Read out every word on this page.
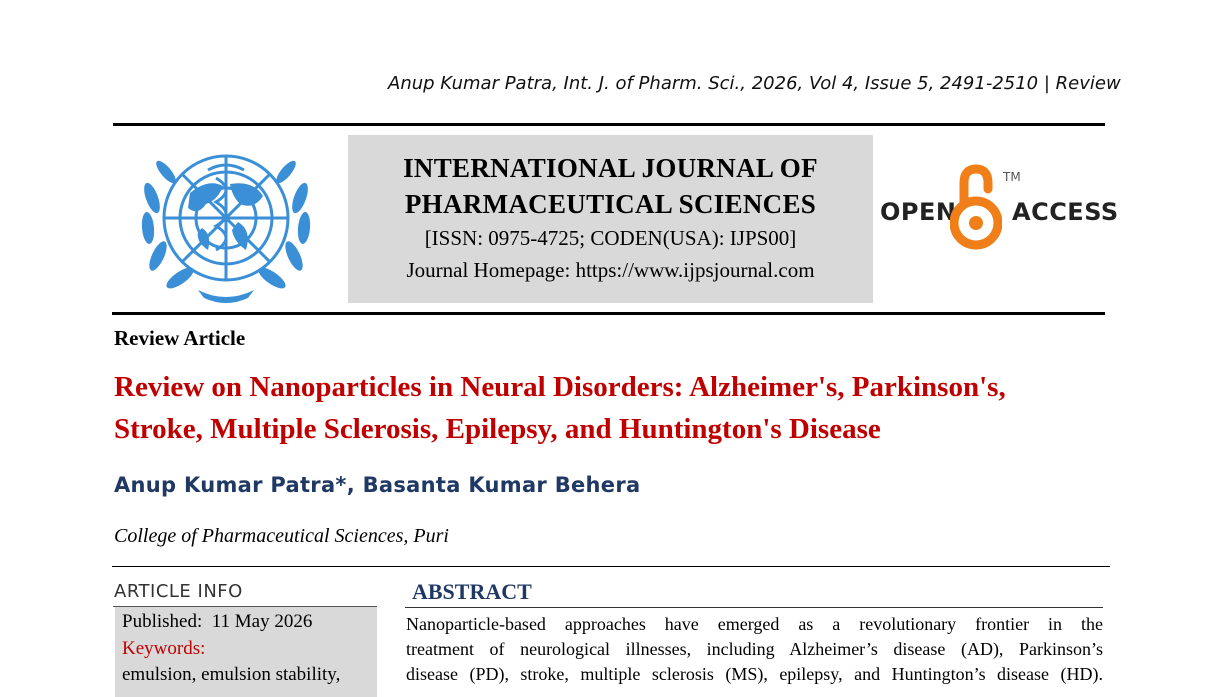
Anup Kumar Patra, Int. J. of Pharm. Sci., 2026, Vol 4, Issue 5, 2491-2510 | Review
INTERNATIONAL JOURNAL OF
PHARMACEUTICAL SCIENCES
[ISSN: 0975-4725; CODEN(USA): IJPS00]
Journal Homepage: https://www.ijpsjournal.com
OPEN
TM
ACCESS
Review Article
Review on Nanoparticles in Neural Disorders: Alzheimer's, Parkinson's,
Stroke, Multiple Sclerosis, Epilepsy, and Huntington's Disease
Anup Kumar Patra*, Basanta Kumar Behera
College of Pharmaceutical Sciences, Puri
ARTICLE INFO
Published: 11 May 2026
Keywords:
emulsion, emulsion stability,
ABSTRACT
Nanoparticle-based approaches have emerged as a revolutionary frontier in the
treatment of neurological illnesses, including Alzheimer’s disease (AD), Parkinson’s
disease (PD), stroke, multiple sclerosis (MS), epilepsy, and Huntington’s disease (HD).
